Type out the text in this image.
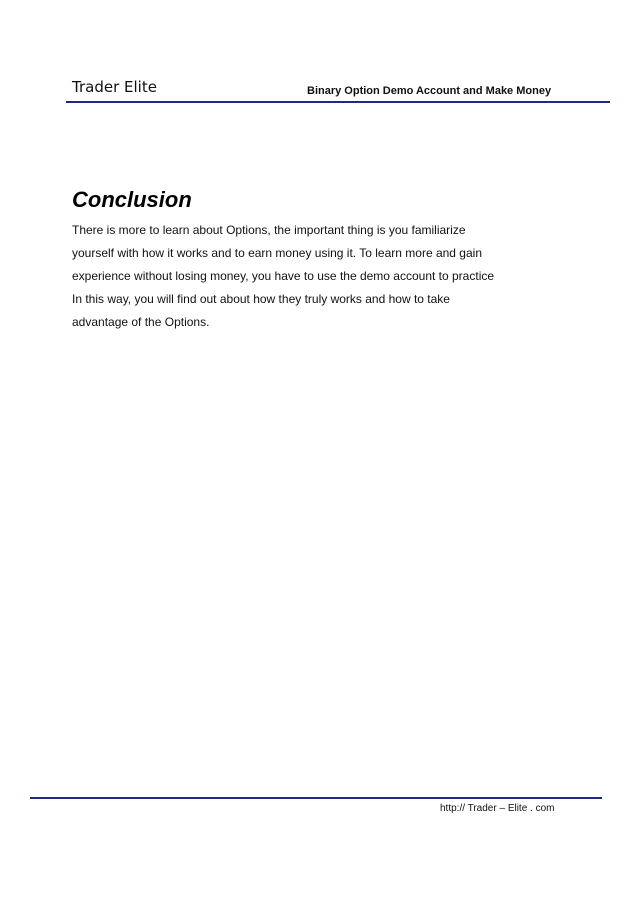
Trader Elite	Binary Option Demo Account and Make Money
Conclusion

There is more to learn about Options, the important thing is you familiarize
yourself with how it works and to earn money using it. To learn more and gain
experience without losing money, you have to use the demo account to practice
In this way, you will find out about how they truly works and how to take
advantage of the Options.

http:// Trader – Elite . com
